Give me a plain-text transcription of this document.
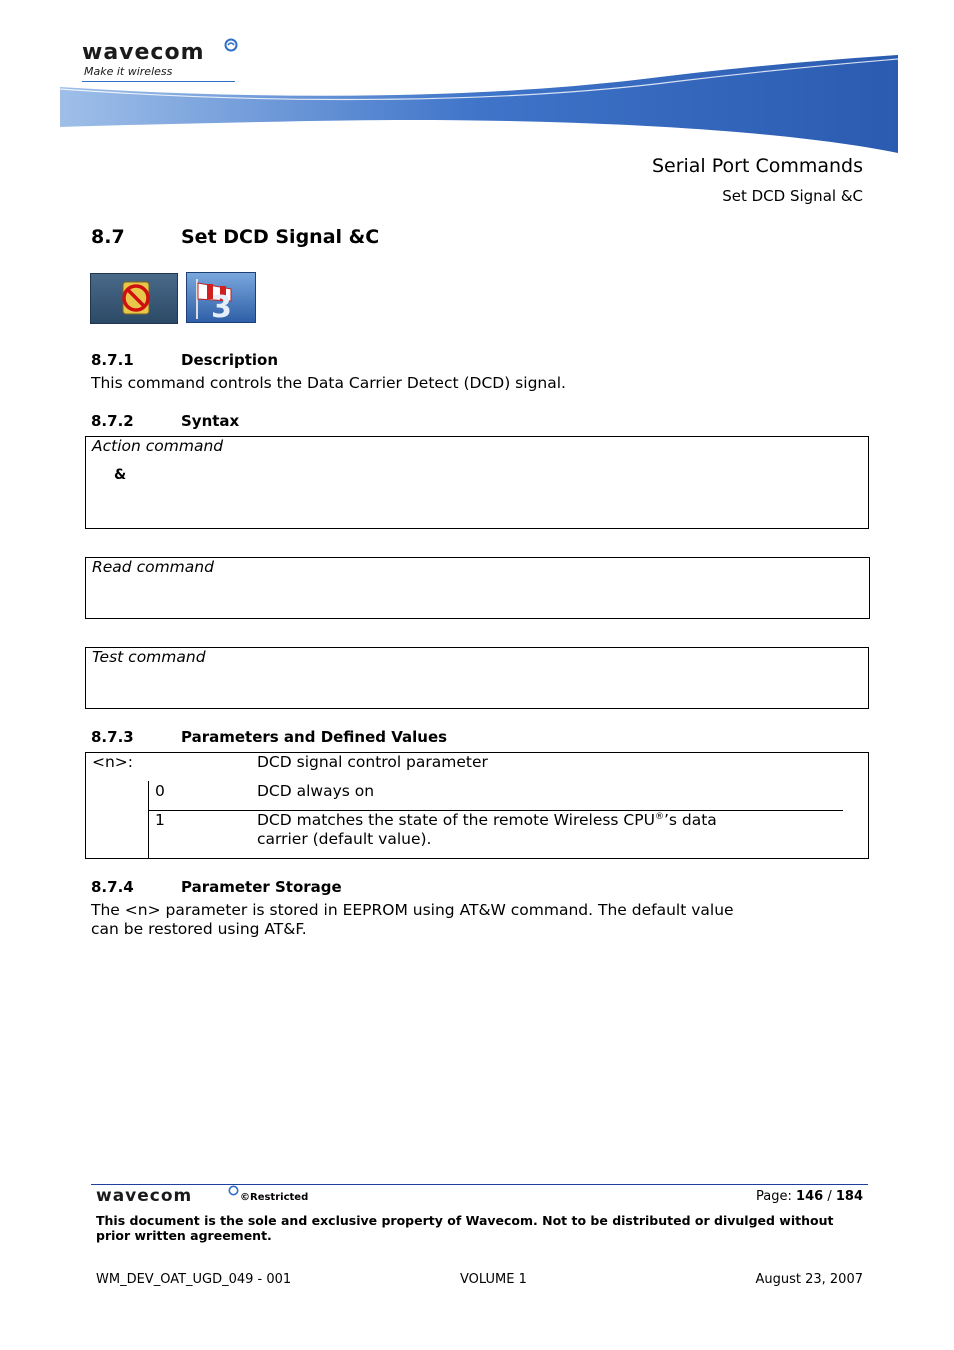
wavecom
Make it wireless
Serial Port Commands
Set DCD Signal &C
8.7	Set DCD Signal &C
3
8.7.1	Description
This command controls the Data Carrier Detect (DCD) signal.
8.7.2	Syntax
Action command
&
Read command
Test command
8.7.3	Parameters and Defined Values
<n>:	DCD signal control parameter
0	DCD always on
1	DCD matches the state of the remote Wireless CPU®’s data
carrier (default value).
8.7.4	Parameter Storage
The <n> parameter is stored in EEPROM using AT&W command. The default value
can be restored using AT&F.
wavecom	©Restricted	Page: 146 / 184
This document is the sole and exclusive property of Wavecom. Not to be distributed or divulged without
prior written agreement.
WM_DEV_OAT_UGD_049 - 001	VOLUME 1	August 23, 2007
